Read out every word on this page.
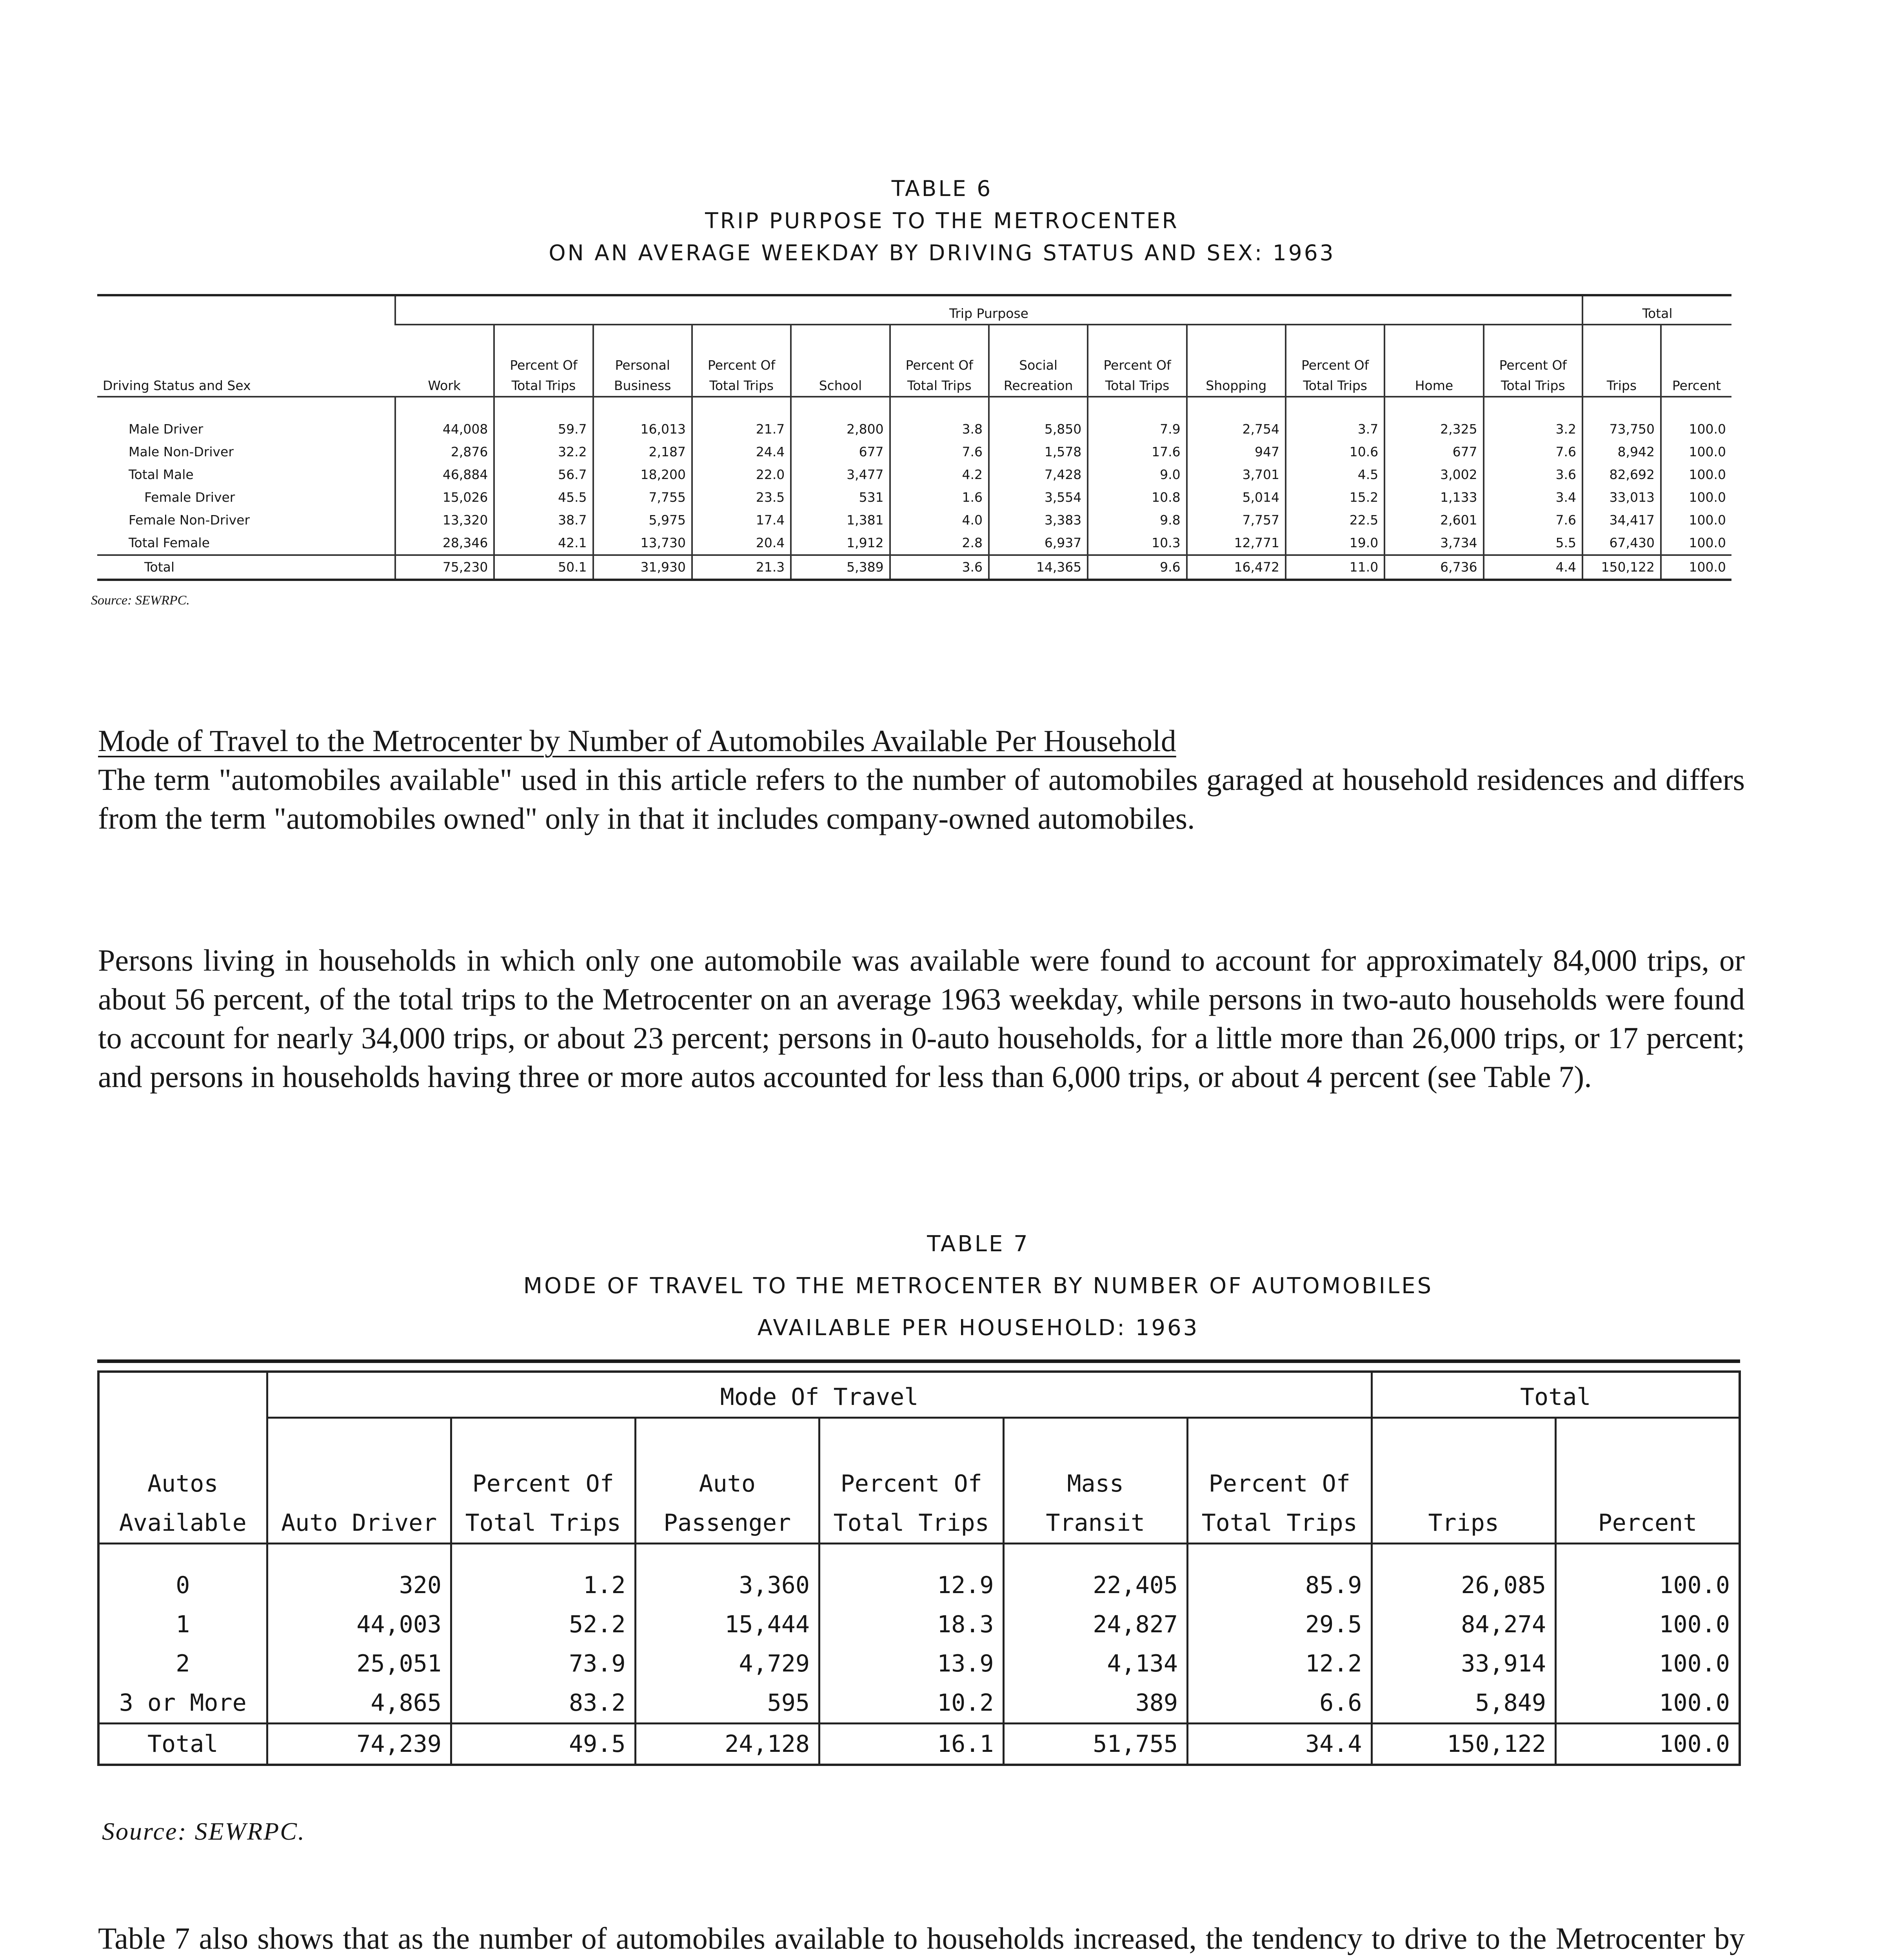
TABLE 6
TRIP PURPOSE TO THE METROCENTER
ON AN AVERAGE WEEKDAY BY DRIVING STATUS AND SEX: 1963
Driving Status and Sex	Trip Purpose												Total	
	Work	Percent Of Total Trips	Personal Business	Percent Of Total Trips	School	Percent Of Total Trips	Social Recreation	Percent Of Total Trips	Shopping	Percent Of Total Trips	Home	Percent Of Total Trips	Trips	Percent

Male Driver	44,008	59.7	16,013	21.7	2,800	3.8	5,850	7.9	2,754	3.7	2,325	3.2	73,750	100.0
Male Non-Driver	2,876	32.2	2,187	24.4	677	7.6	1,578	17.6	947	10.6	677	7.6	8,942	100.0
Total Male	46,884	56.7	18,200	22.0	3,477	4.2	7,428	9.0	3,701	4.5	3,002	3.6	82,692	100.0
Female Driver	15,026	45.5	7,755	23.5	531	1.6	3,554	10.8	5,014	15.2	1,133	3.4	33,013	100.0
Female Non-Driver	13,320	38.7	5,975	17.4	1,381	4.0	3,383	9.8	7,757	22.5	2,601	7.6	34,417	100.0
Total Female	28,346	42.1	13,730	20.4	1,912	2.8	6,937	10.3	12,771	19.0	3,734	5.5	67,430	100.0
Total	75,230	50.1	31,930	21.3	5,389	3.6	14,365	9.6	16,472	11.0	6,736	4.4	150,122	100.0
Source: SEWRPC.
Mode of Travel to the Metrocenter by Number of Automobiles Available Per Household
The term "automobiles available" used in this article refers to the number of automobiles garaged at household residences and differs from the term "automobiles owned" only in that it includes company-owned automobiles.
Persons living in households in which only one automobile was available were found to account for approximately 84,000 trips, or about 56 percent, of the total trips to the Metrocenter on an average 1963 weekday, while persons in two-auto households were found to account for nearly 34,000 trips, or about 23 percent; persons in 0-auto households, for a little more than 26,000 trips, or 17 percent; and persons in households having three or more autos accounted for less than 6,000 trips, or about 4 percent (see Table 7).
TABLE 7
MODE OF TRAVEL TO THE METROCENTER BY NUMBER OF AUTOMOBILES
AVAILABLE PER HOUSEHOLD: 1963
Autos Available	Mode Of Travel						Total	
	Auto Driver	Percent Of Total Trips	Auto Passenger	Percent Of Total Trips	Mass Transit	Percent Of Total Trips	Trips	Percent

0	320	1.2	3,360	12.9	22,405	85.9	26,085	100.0
1	44,003	52.2	15,444	18.3	24,827	29.5	84,274	100.0
2	25,051	73.9	4,729	13.9	4,134	12.2	33,914	100.0
3 or More	4,865	83.2	595	10.2	389	6.6	5,849	100.0
Total	74,239	49.5	24,128	16.1	51,755	34.4	150,122	100.0
Source: SEWRPC.
Table 7 also shows that as the number of automobiles available to households increased, the tendency to drive to the Metrocenter by
